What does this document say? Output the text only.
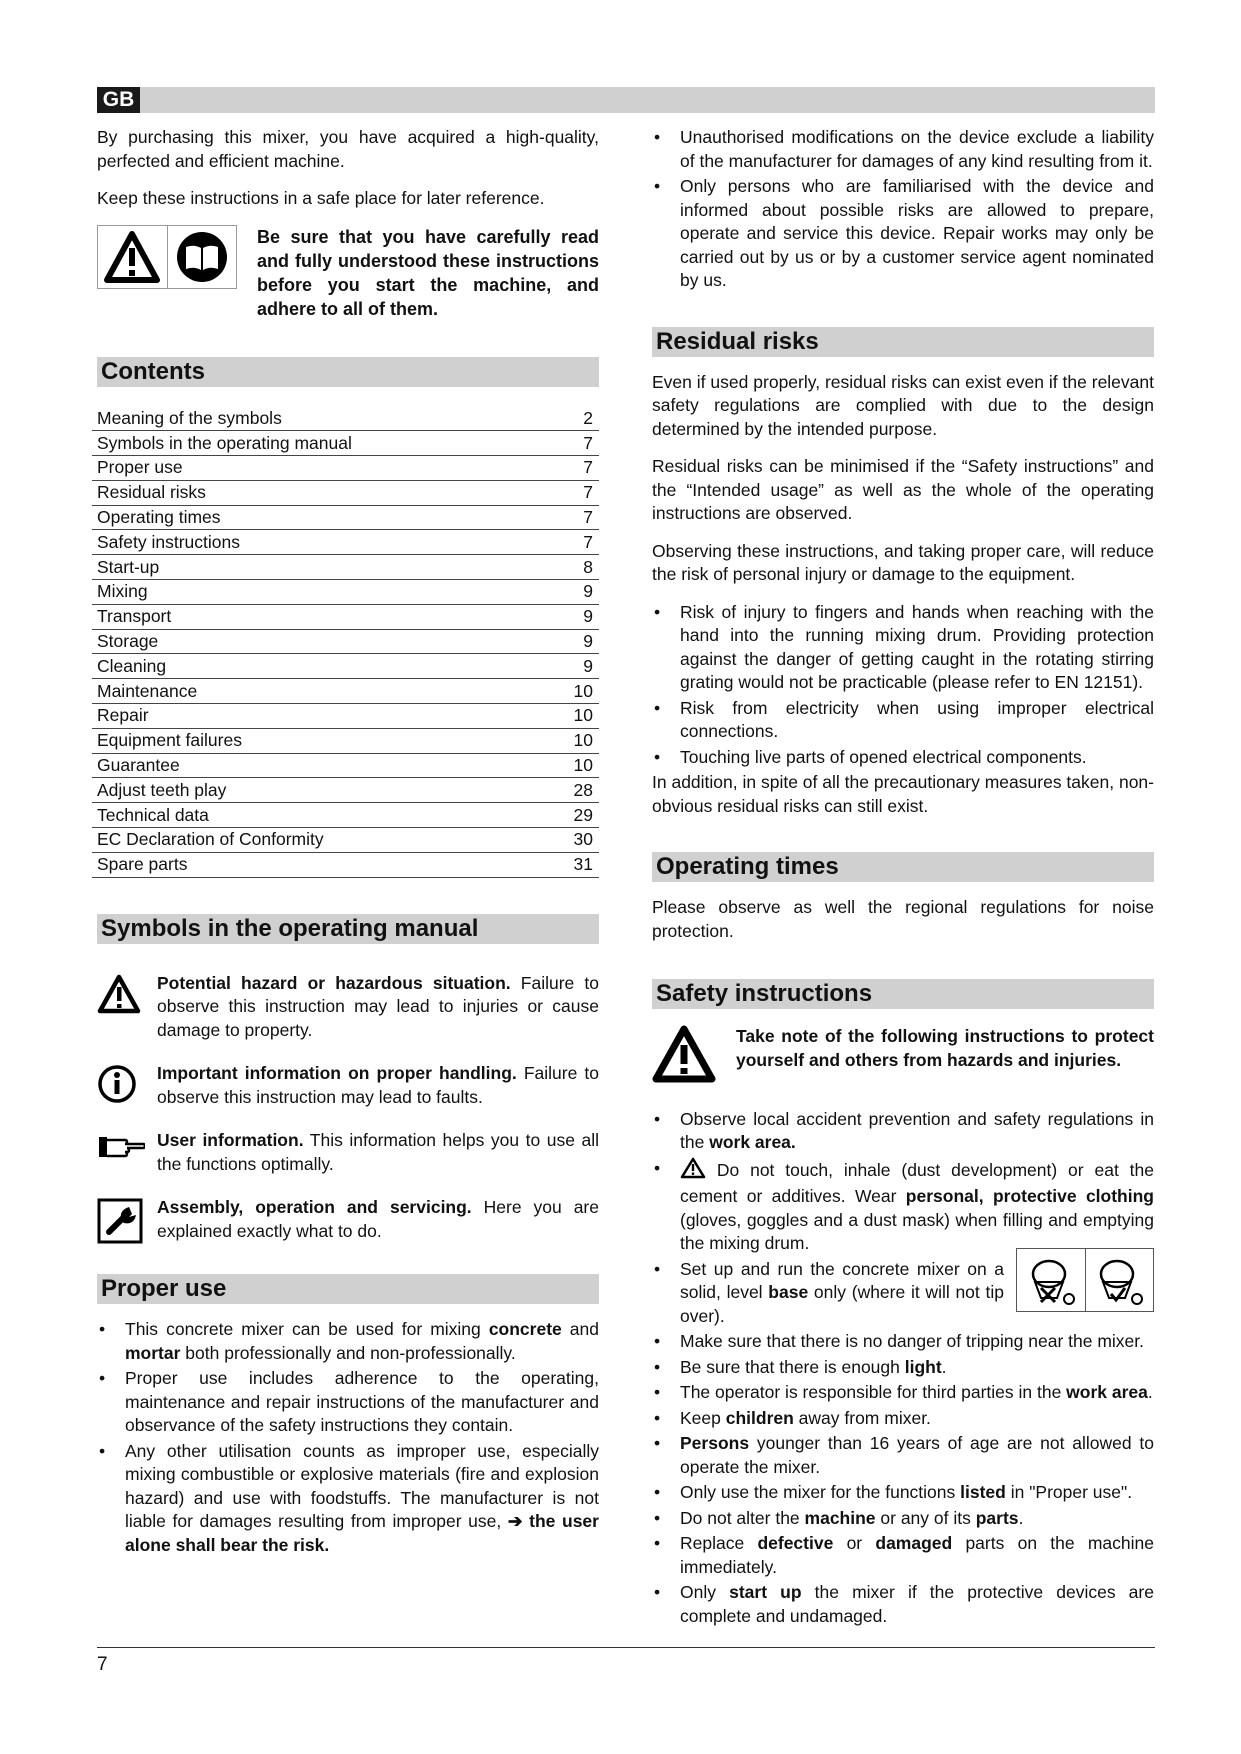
GB

By purchasing this mixer, you have acquired a high-quality, perfected and efficient machine.

Keep these instructions in a safe place for later reference.

Be sure that you have carefully read and fully understood these instructions before you start the machine, and adhere to all of them.
Contents
Meaning of the symbols	2
Symbols in the operating manual	7
Proper use	7
Residual risks	7
Operating times	7
Safety instructions	7
Start-up	8
Mixing	9
Transport	9
Storage	9
Cleaning	9
Maintenance	10
Repair	10
Equipment failures	10
Guarantee	10
Adjust teeth play	28
Technical data	29
EC Declaration of Conformity	30
Spare parts	31
Symbols in the operating manual
Potential hazard or hazardous situation. Failure to observe this instruction may lead to injuries or cause damage to property.
Important information on proper handling. Failure to observe this instruction may lead to faults.
User information. This information helps you to use all the functions optimally.
Assembly, operation and servicing. Here you are explained exactly what to do.
Proper use
• This concrete mixer can be used for mixing concrete and mortar both professionally and non-professionally.
• Proper use includes adherence to the operating, maintenance and repair instructions of the manufacturer and observance of the safety instructions they contain.
• Any other utilisation counts as improper use, especially mixing combustible or explosive materials (fire and explosion hazard) and use with foodstuffs. The manufacturer is not liable for damages resulting from improper use, ➔ the user alone shall bear the risk.
• Unauthorised modifications on the device exclude a liability of the manufacturer for damages of any kind resulting from it.
• Only persons who are familiarised with the device and informed about possible risks are allowed to prepare, operate and service this device. Repair works may only be carried out by us or by a customer service agent nominated by us.
Residual risks

Even if used properly, residual risks can exist even if the relevant safety regulations are complied with due to the design determined by the intended purpose.

Residual risks can be minimised if the “Safety instructions” and the “Intended usage” as well as the whole of the operating instructions are observed.

Observing these instructions, and taking proper care, will reduce the risk of personal injury or damage to the equipment.

• Risk of injury to fingers and hands when reaching with the hand into the running mixing drum. Providing protection against the danger of getting caught in the rotating stirring grating would not be practicable (please refer to EN 12151).
• Risk from electricity when using improper electrical connections.
• Touching live parts of opened electrical components.

In addition, in spite of all the precautionary measures taken, non-obvious residual risks can still exist.

Operating times

Please observe as well the regional regulations for noise protection.

Safety instructions
Take note of the following instructions to protect yourself and others from hazards and injuries.
• Observe local accident prevention and safety regulations in the work area.
• Do not touch, inhale (dust development) or eat the cement or additives. Wear personal, protective clothing (gloves, goggles and a dust mask) when filling and emptying the mixing drum.
• Set up and run the concrete mixer on a solid, level base only (where it will not tip over).
• Make sure that there is no danger of tripping near the mixer.
• Be sure that there is enough light.
• The operator is responsible for third parties in the work area.
• Keep children away from mixer.
• Persons younger than 16 years of age are not allowed to operate the mixer.
• Only use the mixer for the functions listed in "Proper use".
• Do not alter the machine or any of its parts.
• Replace defective or damaged parts on the machine immediately.
• Only start up the mixer if the protective devices are complete and undamaged.
7
